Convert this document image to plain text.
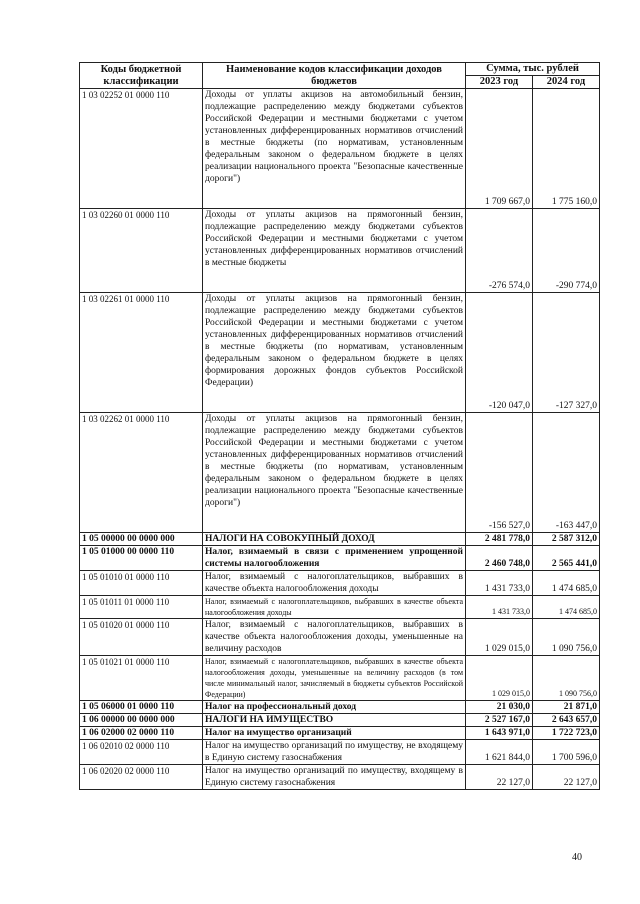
Коды бюджетной классификации	Наименование кодов классификации доходов бюджетов	Сумма, тыс. рублей	
		2023 год	2024 год
1 03 02252 01 0000 110	Доходы от уплаты акцизов на автомобильный бензин, подлежащие распределению между бюджетами субъектов Российской Федерации и местными бюджетами с учетом установленных дифференцированных нормативов отчислений в местные бюджеты (по нормативам, установленным федеральным законом о федеральном бюджете в целях реализации национального проекта "Безопасные качественные дороги")	1 709 667,0	1 775 160,0
1 03 02260 01 0000 110	Доходы от уплаты акцизов на прямогонный бензин, подлежащие распределению между бюджетами субъектов Российской Федерации и местными бюджетами с учетом установленных дифференцированных нормативов отчислений в местные бюджеты	-276 574,0	-290 774,0
1 03 02261 01 0000 110	Доходы от уплаты акцизов на прямогонный бензин, подлежащие распределению между бюджетами субъектов Российской Федерации и местными бюджетами с учетом установленных дифференцированных нормативов отчислений в местные бюджеты (по нормативам, установленным федеральным законом о федеральном бюджете в целях формирования дорожных фондов субъектов Российской Федерации)	-120 047,0	-127 327,0
1 03 02262 01 0000 110	Доходы от уплаты акцизов на прямогонный бензин, подлежащие распределению между бюджетами субъектов Российской Федерации и местными бюджетами с учетом установленных дифференцированных нормативов отчислений в местные бюджеты (по нормативам, установленным федеральным законом о федеральном бюджете в целях реализации национального проекта "Безопасные качественные дороги")	-156 527,0	-163 447,0
1 05 00000 00 0000 000	НАЛОГИ НА СОВОКУПНЫЙ ДОХОД	2 481 778,0	2 587 312,0
1 05 01000 00 0000 110	Налог, взимаемый в связи с применением упрощенной системы налогообложения	2 460 748,0	2 565 441,0
1 05 01010 01 0000 110	Налог, взимаемый с налогоплательщиков, выбравших в качестве объекта налогообложения доходы	1 431 733,0	1 474 685,0
1 05 01011 01 0000 110	Налог, взимаемый с налогоплательщиков, выбравших в качестве объекта налогообложения доходы	1 431 733,0	1 474 685,0
1 05 01020 01 0000 110	Налог, взимаемый с налогоплательщиков, выбравших в качестве объекта налогообложения доходы, уменьшенные на величину расходов	1 029 015,0	1 090 756,0
1 05 01021 01 0000 110	Налог, взимаемый с налогоплательщиков, выбравших в качестве объекта налогообложения доходы, уменьшенные на величину расходов (в том числе минимальный налог, зачисляемый в бюджеты субъектов Российской Федерации)	1 029 015,0	1 090 756,0
1 05 06000 01 0000 110	Налог на профессиональный доход	21 030,0	21 871,0
1 06 00000 00 0000 000	НАЛОГИ НА ИМУЩЕСТВО	2 527 167,0	2 643 657,0
1 06 02000 02 0000 110	Налог на имущество организаций	1 643 971,0	1 722 723,0
1 06 02010 02 0000 110	Налог на имущество организаций по имуществу, не входящему в Единую систему газоснабжения	1 621 844,0	1 700 596,0
1 06 02020 02 0000 110	Налог на имущество организаций по имуществу, входящему в Единую систему газоснабжения	22 127,0	22 127,0
40
